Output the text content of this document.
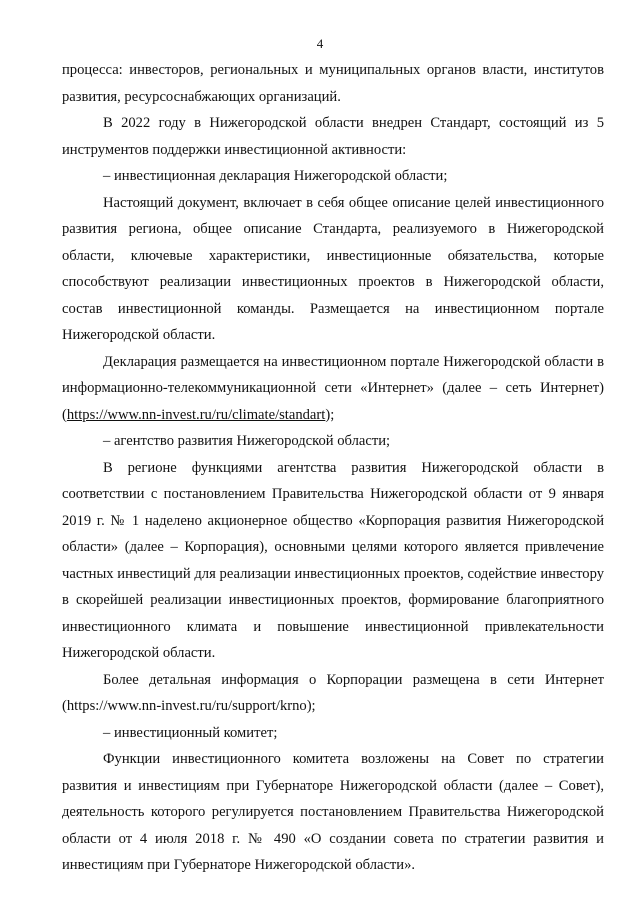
4

процесса: инвесторов, региональных и муниципальных органов власти, институтов развития, ресурсоснабжающих организаций.

В 2022 году в Нижегородской области внедрен Стандарт, состоящий из 5 инструментов поддержки инвестиционной активности:

– инвестиционная декларация Нижегородской области;

Настоящий документ, включает в себя общее описание целей инвестиционного развития региона, общее описание Стандарта, реализуемого в Нижегородской области, ключевые характеристики, инвестиционные обязательства, которые способствуют реализации инвестиционных проектов в Нижегородской области, состав инвестиционной команды. Размещается на инвестиционном портале Нижегородской области.

Декларация размещается на инвестиционном портале Нижегородской области в информационно-телекоммуникационной сети «Интернет» (далее – сеть Интернет) (https://www.nn-invest.ru/ru/climate/standart);

– агентство развития Нижегородской области;

В регионе функциями агентства развития Нижегородской области в соответствии с постановлением Правительства Нижегородской области от 9 января 2019 г. № 1 наделено акционерное общество «Корпорация развития Нижегородской области» (далее – Корпорация), основными целями которого является привлечение частных инвестиций для реализации инвестиционных проектов, содействие инвестору в скорейшей реализации инвестиционных проектов, формирование благоприятного инвестиционного климата и повышение инвестиционной привлекательности Нижегородской области.

Более детальная информация о Корпорации размещена в сети Интернет (https://www.nn-invest.ru/ru/support/krno);

– инвестиционный комитет;

Функции инвестиционного комитета возложены на Совет по стратегии развития и инвестициям при Губернаторе Нижегородской области (далее – Совет), деятельность которого регулируется постановлением Правительства Нижегородской области от 4 июля 2018 г. № 490 «О создании совета по стратегии развития и инвестициям при Губернаторе Нижегородской области».
